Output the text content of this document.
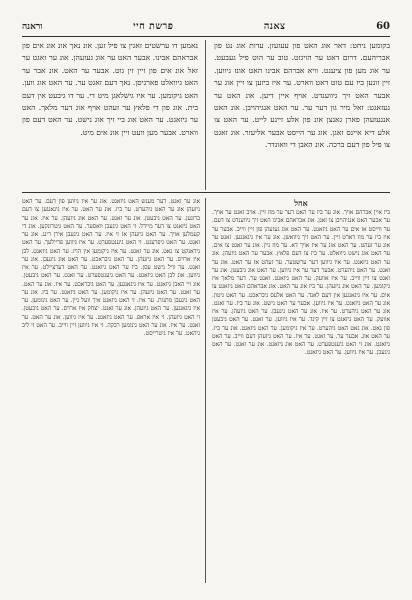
וראנה	פרשת חיי	צאנה	60
בקומען ניחט: דאר אוג האט פון עעזעזן. עדות אוג נט פון אבריהעם. דרום דאט ער הויגזט. טוב ער הוט פיל געבעט. ער אוג מען פון ציענט. וויא אברהם אבינו האט אונז גיווען. זיין זונען ביז עם טוט דאט ווארט. ער איז ביזען צו זיין אוג ער אבער האט זיך גיווענדט. אויף איין דיען. אונ האט ער געזאגט: זאל מיר גון דער ער. ער האט אנגיהויבן. אונ האט אנגעזעהן פארן גאנצן אונ פון אלע זיינע לייט. ער האט צו אלע דיא איינס זאגן. אוג ער הייסט אבער אליעזר. אוג זאגט צו פיל פון דעם ברכה. אונ האבן די וואונדר.
נאמען דו ערשטים זאגין צו פיל זען. אונ נאך אונ אונ אים פון אבראהם אבינו. אבער האט ער אוג געזעהן. אונ ער זאגט ער זאל אונ אים פון זיין זין גוט. אבער ער האט. אונ אבר ער האט גיוואלט פארגיסן. נאך דעם זאגט ער. ער האט אוג ווען. האט גיקומען. ער איז גישלאגן מיט די. ער דו גיבעט אין דעם בית. אוג פון די פלאץ ער זעהט אויף אוג דער מלאך. האט ער גיזאגט. ער האט אוג ביי זיך אוג נישט. ער האט דעם פון ווארט. אבער מען וועט זיין אונ אים מיט.
אהל

ביז איין אברהם אויך. אוג ער ביז ער האט דער ער מוז זיין. אויב זאגט ער אויך. ער אבער האט אנגיהויבן צו זאגן. אוג אבראהם אבינו האט זיך גיווענדט צו דעם. ער ווייסט אז אים ער האט גיזאגט. ער האט אוג געזעהן פון זיין ווייב. אבער ער איז ביז ער מוז דארט זיין. ער האט זיך גיוואשן. אונ ער איז גיגאנגען. זאגט ער אונ ער זעהט. ער האט אונ ער איז אויך דא. ער מוז גיין. אונ ער זאגט צו אים. ער האט אוג נישט גיוואלט. ער ביז צו דעם פלאץ. אבער ער האט גיזעהן. אונ ער האט גיזאגט. ער איז גיווען דער ערשטער. ער זעהט אז ער האט. אונ ער זאגט. ער האט גיהערט. אבער דער ער איז גיווען. ער האט אוג גיבעטן. אונ ער זאגט צו זיין ווייב. ער איז אוועק. ער האט גיזאגט. זאגט ער. דער מלאך איז גיקומען. ער האט אוג גיזעהן. ער ביז אוג ער האט. אונ אבראהם האט גיזאגט צו אים. ער איז גיגאנגען אין דעם לאנד. ער האט אלעס גיבראכט. ער האט גיטון. אונ ער האט גיזאגט. ער איז גיווען. אבער ער האט נישט. אונ ער ביז. ער זאגט. אונ ער האט גיהערט. ער איז. אונ ער האט גיגעבן. ער האט גיזעהן. ער איז אוועק. ער האט גיזאגט צו זיין קינד. ער איז גיווען. ער זאגט. ער האט גיבעטן פון גאט. אונ גאט האט גיהערט. ער איז גיקומען. ער האט גיזאגט. אונ ער ביז. ער האט אוג. אבער ער. ער זאגט. ער איז. ער האט גיזעהן דעם ווייב. ער האט גיזאגט. אונ זי האט גיענטפערט. ער האט אוג גיזאגט. אונ ער זאגט. ער האט גיגעבן. ער איז גיווען. ער האט גיזאגט.

אונ ער זאגט. דער מענש האט גיזאגט. אונ ער איז גיווען פון דעם. ער האט גיזעהן אונ ער האט גיהערט. ער ביז. אונ ער האט. ער איז גיגאנגען צו דעם ברונען. ער האט גיבעטן. אונ ער זאגט. ער האט אוג גיזעהן. ער איז. אונ ער האט גיזאגט צו דער מיידל. זי האט גיגעבן וואסער. ער האט גיטרונקען. אונ די קעמלען אויך. ער האט גיזעהן אז זי איז. ער האט גיגעבן אירן רינג. אונ ער זאגט. ער האט גיפרעגט. זי האט גיענטפערט. ער איז גיווען פריילעך. ער האט גידאנקט צו גאט. אונ ער זאגט. ער איז גיקומען אין הויז. ער האט גיזאגט. לבן איז ארויס. ער האט גיזעהן. ער האט גיבראכט. ער האט אוג גיגעבן. אונ ער זאגט. ער וויל נישט עסן. ביז ער האט גיזאגט. ער האט דערציילט. ער איז גיווען. אונ לבן האט גיזאגט. ער האט גיענטפערט. ער זאגט. ער האט גיבעטן. אונ זיי האבן גיזאגט. ער איז גיגאנגען. ער האט גיבראכט. ער איז. אונ ער האט. ער זאגט. ער האט גיזעהן. ער איז גיקומען. ער האט גיזאגט. ער ביז. אונ ער האט גיגעבן מתנות. ער איז. זי האט גיזאגט איך וועל גיין. ער האט גינומען. ער איז גיגאנגען. ער האט גיזעהן. אונ ער זאגט. יצחק איז ארויס. ער האט גיבעטן. זי האט גיזעהן. זי איז אראפ. ער האט גיזאגט. ער איז גיווען. אונ ער האט. ער זאגט. ער איז. אונ ער האט גינומען רבקה. זי איז גיווען זיין ווייב. ער האט זי ליב גיהאט. ער איז גיטרייסט.
